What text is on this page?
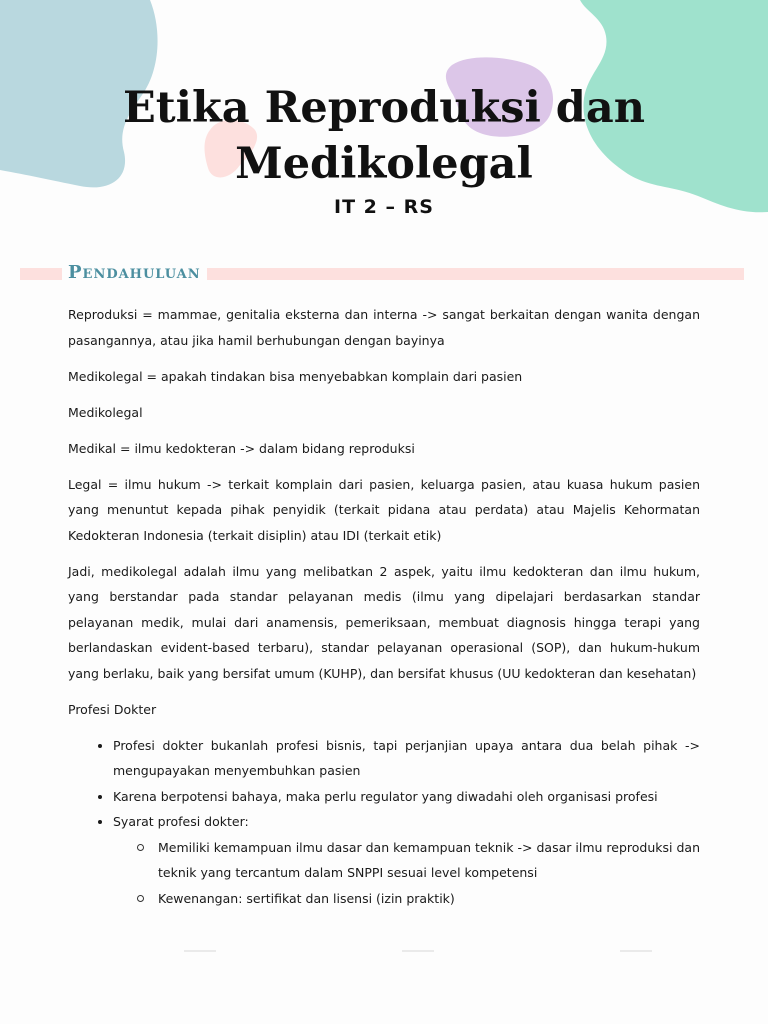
Etika Reproduksi dan
Medikolegal
IT 2 – RS
Pendahuluan

Reproduksi = mammae, genitalia eksterna dan interna -> sangat berkaitan dengan wanita dengan pasangannya, atau jika hamil berhubungan dengan bayinya

Medikolegal = apakah tindakan bisa menyebabkan komplain dari pasien

Medikolegal

Medikal = ilmu kedokteran -> dalam bidang reproduksi

Legal = ilmu hukum -> terkait komplain dari pasien, keluarga pasien, atau kuasa hukum pasien yang menuntut kepada pihak penyidik (terkait pidana atau perdata) atau Majelis Kehormatan Kedokteran Indonesia (terkait disiplin) atau IDI (terkait etik)

Jadi, medikolegal adalah ilmu yang melibatkan 2 aspek, yaitu ilmu kedokteran dan ilmu hukum, yang berstandar pada standar pelayanan medis (ilmu yang dipelajari berdasarkan standar pelayanan medik, mulai dari anamensis, pemeriksaan, membuat diagnosis hingga terapi yang berlandaskan evident-based terbaru), standar pelayanan operasional (SOP), dan hukum-hukum yang berlaku, baik yang bersifat umum (KUHP), dan bersifat khusus (UU kedokteran dan kesehatan)

Profesi Dokter

• Profesi dokter bukanlah profesi bisnis, tapi perjanjian upaya antara dua belah pihak -> mengupayakan menyembuhkan pasien
• Karena berpotensi bahaya, maka perlu regulator yang diwadahi oleh organisasi profesi
• Syarat profesi dokter:
Memiliki kemampuan ilmu dasar dan kemampuan teknik -> dasar ilmu reproduksi dan teknik yang tercantum dalam SNPPI sesuai level kompetensi
Kewenangan: sertifikat dan lisensi (izin praktik)
